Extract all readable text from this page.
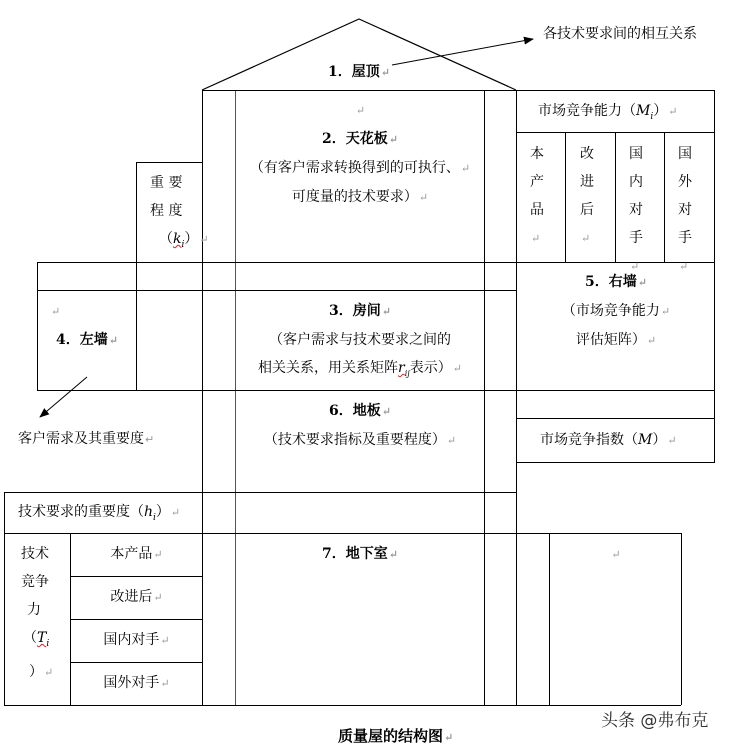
1．屋顶 ↵
各技术要求间的相互关系
↵
2．天花板 ↵
（有客户需求转换得到的可执行、 ↵
可度量的技术要求） ↵
重 要
程 度
$(k_i)$ ↵
市场竞争能力$(M_i)$ ↵
本
产
品 ↵
改
进
后 ↵
国
内
对
手 ↵
国
外
对
手 ↵
3．房间 ↵
（客户需求与技术要求之间的
相关关系，用关系矩阵$r_{ij}$表示） ↵
↵
4．左墙 ↵
客户需求及其重要度 ↵
5．右墙 ↵
（市场竞争能力 ↵
评估矩阵） ↵
市场竞争指数（M） ↵
6．地板 ↵
（技术要求指标及重要程度） ↵
技术要求的重要度$(h_i)$ ↵
技术
竞争
力
（$T_i$
） ↵
本产品 ↵
改进后 ↵
国内对手 ↵
国外对手 ↵
7．地下室 ↵
↵
质量屋的结构图 ↵
头条 @弗布克
